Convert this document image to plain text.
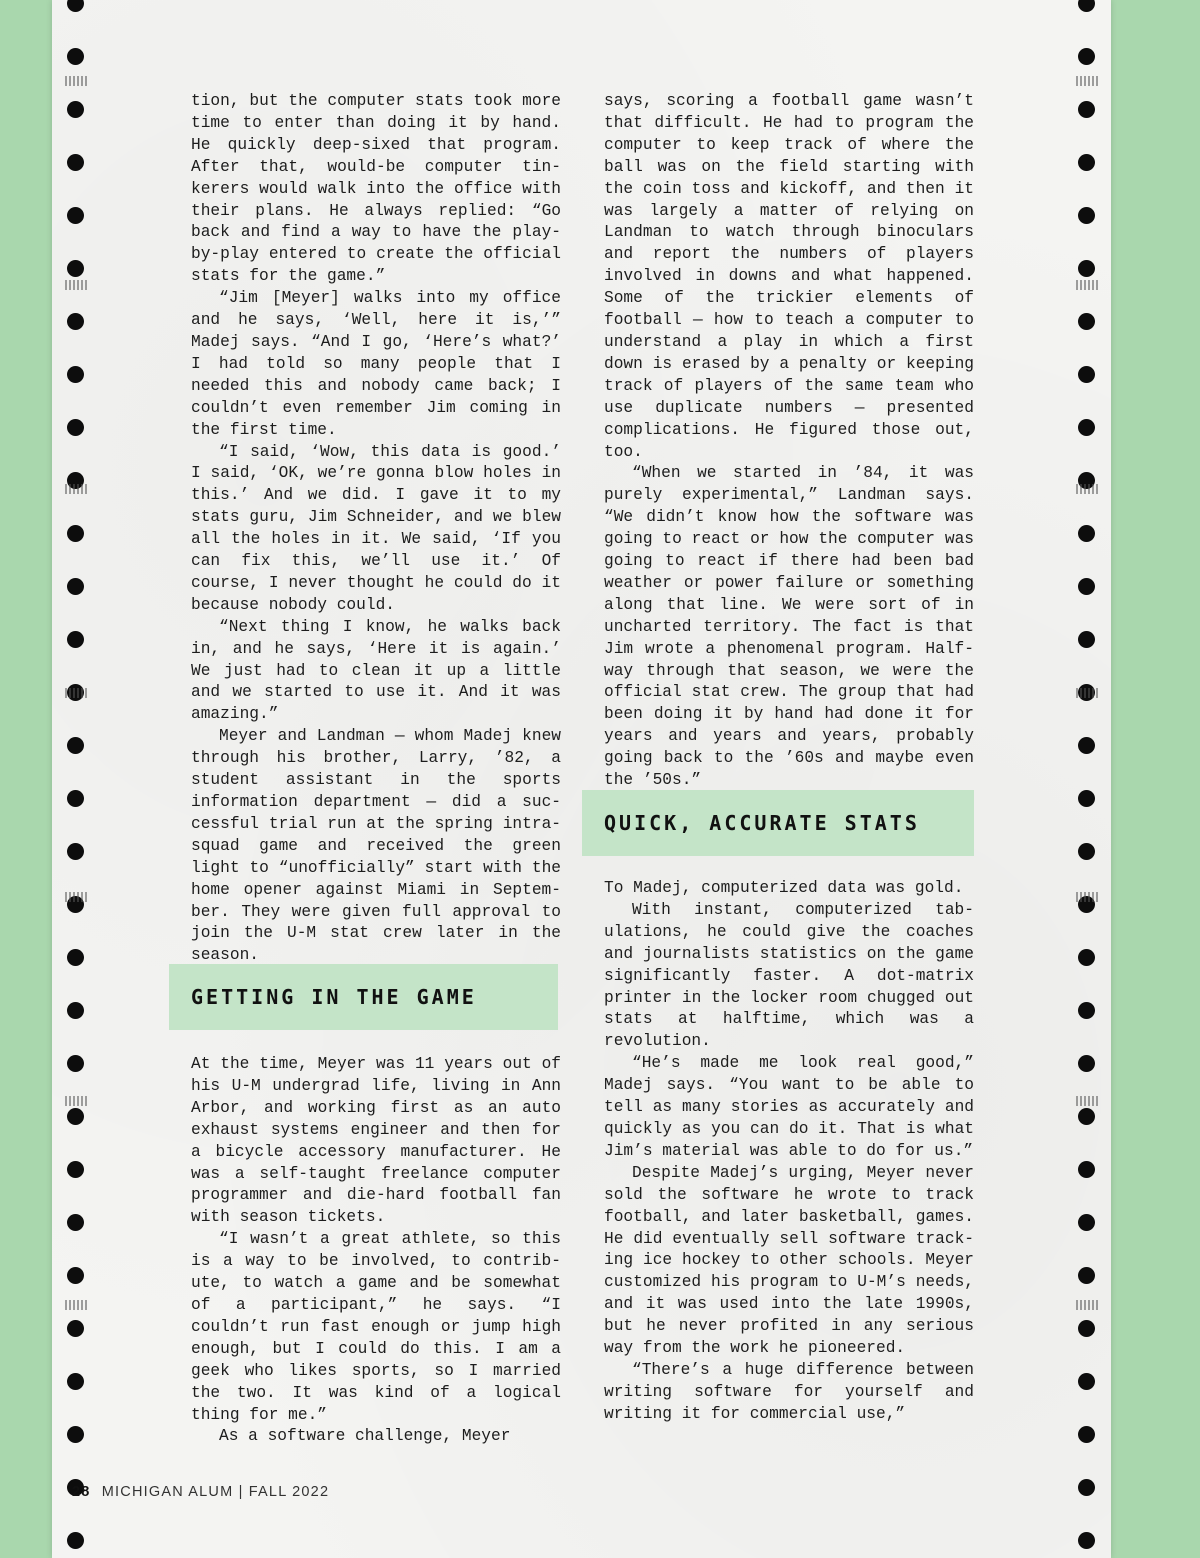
tion, but the computer stats took more time to enter than doing it by hand. He quickly deep-sixed that program. After that, would-be computer tinkerers would walk into the office with their plans. He always replied: “Go back and find a way to have the play-by-play entered to create the official stats for the game.”

“Jim [Meyer] walks into my office and he says, ‘Well, here it is,’” Madej says. “And I go, ‘Here’s what?’ I had told so many people that I needed this and nobody came back; I couldn’t even remember Jim coming in the first time.

“I said, ‘Wow, this data is good.’ I said, ‘OK, we’re gonna blow holes in this.’ And we did. I gave it to my stats guru, Jim Schneider, and we blew all the holes in it. We said, ‘If you can fix this, we’ll use it.’ Of course, I never thought he could do it because nobody could.

“Next thing I know, he walks back in, and he says, ‘Here it is again.’ We just had to clean it up a little and we started to use it. And it was amazing.”

Meyer and Landman — whom Madej knew through his brother, Larry, ’82, a student assistant in the sports information department — did a successful trial run at the spring intra-squad game and received the green light to “unofficially” start with the home opener against Miami in September. They were given full approval to join the U-M stat crew later in the season.

At the time, Meyer was 11 years out of his U-M undergrad life, living in Ann Arbor, and working first as an auto exhaust systems engineer and then for a bicycle accessory manufacturer. He was a self-taught freelance computer programmer and die-hard football fan with season tickets.

“I wasn’t a great athlete, so this is a way to be involved, to contribute, to watch a game and be somewhat of a participant,” he says. “I couldn’t run fast enough or jump high enough, but I could do this. I am a geek who likes sports, so I married the two. It was kind of a logical thing for me.”

As a software challenge, Meyer

says, scoring a football game wasn’t that difficult. He had to program the computer to keep track of where the ball was on the field starting with the coin toss and kickoff, and then it was largely a matter of relying on Landman to watch through binoculars and report the numbers of players involved in downs and what happened. Some of the trickier elements of football — how to teach a computer to understand a play in which a first down is erased by a penalty or keeping track of players of the same team who use duplicate numbers — presented complications. He figured those out, too.

“When we started in ’84, it was purely experimental,” Landman says. “We didn’t know how the software was going to react or how the computer was going to react if there had been bad weather or power failure or something along that line. We were sort of in uncharted territory. The fact is that Jim wrote a phenomenal program. Halfway through that season, we were the official stat crew. The group that had been doing it by hand had done it for years and years and years, probably going back to the ’60s and maybe even the ’50s.”

To Madej, computerized data was gold.

With instant, computerized tabulations, he could give the coaches and journalists statistics on the game significantly faster. A dot-matrix printer in the locker room chugged out stats at halftime, which was a revolution.

“He’s made me look real good,” Madej says. “You want to be able to tell as many stories as accurately and quickly as you can do it. That is what Jim’s material was able to do for us.”

Despite Madej’s urging, Meyer never sold the software he wrote to track football, and later basketball, games. He did eventually sell software tracking ice hockey to other schools. Meyer customized his program to U-M’s needs, and it was used into the late 1990s, but he never profited in any serious way from the work he pioneered.

“There’s a huge difference between writing software for yourself and writing it for commercial use,”

GETTING IN THE GAME
QUICK, ACCURATE STATS
28 MICHIGAN ALUM | FALL 2022
